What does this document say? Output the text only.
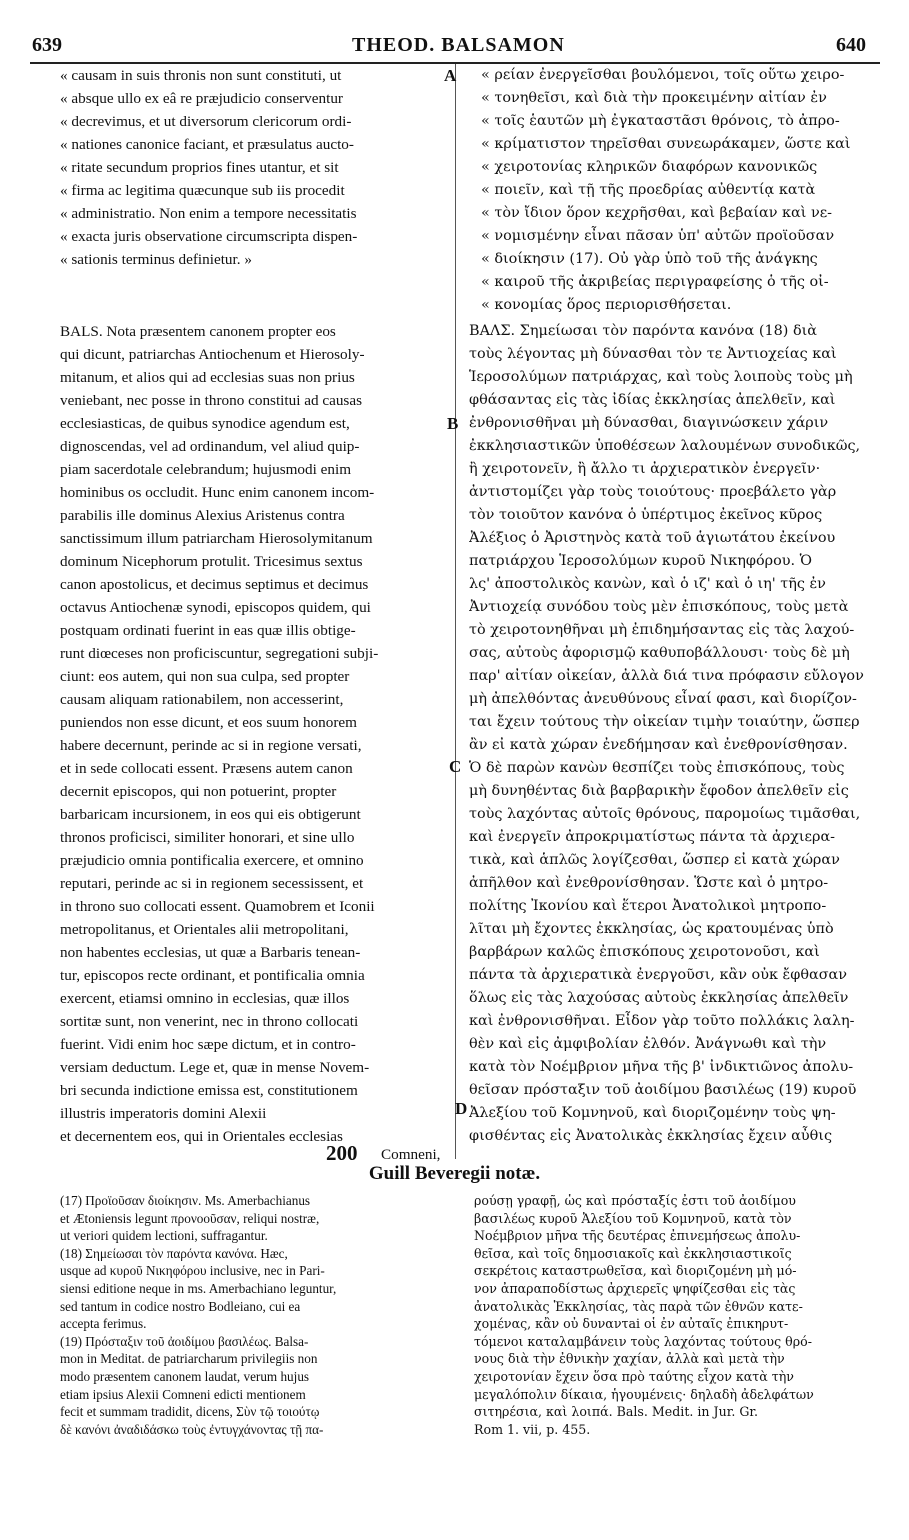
639	THEOD. BALSAMON	640
A
B
C
D
« causam in suis thronis non sunt constituti, ut
« absque ullo ex eâ re præjudicio conserventur
« decrevimus, et ut diversorum clericorum ordi-
« nationes canonice faciant, et præsulatus aucto-
« ritate secundum proprios fines utantur, et sit
« firma ac legitima quæcunque sub iis procedit
« administratio. Non enim a tempore necessitatis
« exacta juris observatione circumscripta dispen-
« sationis terminus definietur. »
« ρείαν ἐνεργεῖσθαι βουλόμενοι, τοῖς οὕτω χειρο-
« τονηθεῖσι, καὶ διὰ τὴν προκειμένην αἰτίαν ἐν
« τοῖς ἑαυτῶν μὴ ἐγκαταστᾶσι θρόνοις, τὸ ἀπρο-
« κρίματιστον τηρεῖσθαι συνεωράκαμεν, ὥστε καὶ
« χειροτονίας κληρικῶν διαφόρων κανονικῶς
« ποιεῖν, καὶ τῇ τῆς προεδρίας αὐθεντίᾳ κατὰ
« τὸν ἴδιον ὅρον κεχρῆσθαι, καὶ βεβαίαν καὶ νε-
« νομισμένην εἶναι πᾶσαν ὑπ' αὐτῶν προϊοῦσαν
« διοίκησιν (17). Οὐ γὰρ ὑπὸ τοῦ τῆς ἀνάγκης
« καιροῦ τῆς ἀκριβείας περιγραφείσης ὁ τῆς οἰ-
« κονομίας ὅρος περιορισθήσεται.
BALS. Nota præsentem canonem propter eos
qui dicunt, patriarchas Antiochenum et Hierosoly-
mitanum, et alios qui ad ecclesias suas non prius
veniebant, nec posse in throno constitui ad causas
ecclesiasticas, de quibus synodice agendum est,
dignoscendas, vel ad ordinandum, vel aliud quip-
piam sacerdotale celebrandum; hujusmodi enim
hominibus os occludit. Hunc enim canonem incom-
parabilis ille dominus Alexius Aristenus contra
sanctissimum illum patriarcham Hierosolymitanum
dominum Nicephorum protulit. Tricesimus sextus
canon apostolicus, et decimus septimus et decimus
octavus Antiochenæ synodi, episcopos quidem, qui
postquam ordinati fuerint in eas quæ illis obtige-
runt diœceses non proficiscuntur, segregationi subji-
ciunt: eos autem, qui non sua culpa, sed propter
causam aliquam rationabilem, non accesserint,
puniendos non esse dicunt, et eos suum honorem
habere decernunt, perinde ac si in regione versati,
et in sede collocati essent. Præsens autem canon
decernit episcopos, qui non potuerint, propter
barbaricam incursionem, in eos qui eis obtigerunt
thronos proficisci, similiter honorari, et sine ullo
præjudicio omnia pontificalia exercere, et omnino
reputari, perinde ac si in regionem secessissent, et
in throno suo collocati essent. Quamobrem et Iconii
metropolitanus, et Orientales alii metropolitani,
non habentes ecclesias, ut quæ a Barbaris tenean-
tur, episcopos recte ordinant, et pontificalia omnia
exercent, etiamsi omnino in ecclesias, quæ illos
sortitæ sunt, non venerint, nec in throno collocati
fuerint. Vidi enim hoc sæpe dictum, et in contro-
versiam deductum. Lege et, quæ in mense Novem-
bri secunda indictione emissa est, constitutionem
illustris imperatoris domini Alexii
et decernentem eos, qui in Orientales ecclesias
200 Comneni,
ΒΑΛΣ. Σημείωσαι τὸν παρόντα κανόνα (18) διὰ
τοὺς λέγοντας μὴ δύνασθαι τὸν τε Ἀντιοχείας καὶ
Ἱεροσολύμων πατριάρχας, καὶ τοὺς λοιποὺς τοὺς μὴ
φθάσαντας εἰς τὰς ἰδίας ἐκκλησίας ἀπελθεῖν, καὶ
ἐνθρονισθῆναι μὴ δύνασθαι, διαγινώσκειν χάριν
ἐκκλησιαστικῶν ὑποθέσεων λαλουμένων συνοδικῶς,
ἢ χειροτονεῖν, ἢ ἄλλο τι ἀρχιερατικὸν ἐνεργεῖν·
ἀντιστομίζει γὰρ τοὺς τοιούτους· προεβάλετο γὰρ
τὸν τοιοῦτον κανόνα ὁ ὑπέρτιμος ἐκεῖνος κῦρος
Ἀλέξιος ὁ Ἀριστηνὸς κατὰ τοῦ ἁγιωτάτου ἐκείνου
πατριάρχου Ἱεροσολύμων κυροῦ Νικηφόρου. Ὁ
λς' ἀποστολικὸς κανὼν, καὶ ὁ ιζ' καὶ ὁ ιη' τῆς ἐν
Ἀντιοχείᾳ συνόδου τοὺς μὲν ἐπισκόπους, τοὺς μετὰ
τὸ χειροτονηθῆναι μὴ ἐπιδημήσαντας εἰς τὰς λαχού-
σας, αὐτοὺς ἀφορισμῷ καθυποβάλλουσι· τοὺς δὲ μὴ
παρ' αἰτίαν οἰκείαν, ἀλλὰ διά τινα πρόφασιν εὔλογον
μὴ ἀπελθόντας ἀνευθύνους εἶναί φασι, καὶ διορίζον-
ται ἔχειν τούτους τὴν οἰκείαν τιμὴν τοιαύτην, ὥσπερ
ἂν εἰ κατὰ χώραν ἐνεδήμησαν καὶ ἐνεθρονίσθησαν.
Ὁ δὲ παρὼν κανὼν θεσπίζει τοὺς ἐπισκόπους, τοὺς
μὴ δυνηθέντας διὰ βαρβαρικὴν ἔφοδον ἀπελθεῖν εἰς
τοὺς λαχόντας αὐτοῖς θρόνους, παρομοίως τιμᾶσθαι,
καὶ ἐνεργεῖν ἀπροκριματίστως πάντα τὰ ἀρχιερα-
τικὰ, καὶ ἁπλῶς λογίζεσθαι, ὥσπερ εἰ κατὰ χώραν
ἀπῆλθον καὶ ἐνεθρονίσθησαν. Ὥστε καὶ ὁ μητρο-
πολίτης Ἰκονίου καὶ ἕτεροι Ἀνατολικοὶ μητροπο-
λῖται μὴ ἔχοντες ἐκκλησίας, ὡς κρατουμένας ὑπὸ
βαρβάρων καλῶς ἐπισκόπους χειροτονοῦσι, καὶ
πάντα τὰ ἀρχιερατικὰ ἐνεργοῦσι, κἂν οὐκ ἔφθασαν
ὅλως εἰς τὰς λαχούσας αὐτοὺς ἐκκλησίας ἀπελθεῖν
καὶ ἐνθρονισθῆναι. Εἶδον γὰρ τοῦτο πολλάκις λαλη-
θὲν καὶ εἰς ἀμφιβολίαν ἐλθόν. Ἀνάγνωθι καὶ τὴν
κατὰ τὸν Νοέμβριον μῆνα τῆς β' ἰνδικτιῶνος ἀπολυ-
θεῖσαν πρόσταξιν τοῦ ἀοιδίμου βασιλέως (19) κυροῦ
Ἀλεξίου τοῦ Κομνηνοῦ, καὶ διοριζομένην τοὺς ψη-
φισθέντας εἰς Ἀνατολικὰς ἐκκλησίας ἔχειν αὖθις
Guill Beveregii notæ.
(17) Προϊοῦσαν διοίκησιν. Ms. Amerbachianus
et Ætoniensis legunt προνοοῦσαν, reliqui nostræ,
ut veriori quidem lectioni, suffragantur.
(18) Σημείωσαι τὸν παρόντα κανόνα. Hæc,
usque ad κυροῦ Νικηφόρου inclusive, nec in Pari-
siensi editione neque in ms. Amerbachiano leguntur,
sed tantum in codice nostro Bodleiano, cui ea
accepta ferimus.
(19) Πρόσταξιν τοῦ ἀοιδίμου βασιλέως. Balsa-
mon in Meditat. de patriarcharum privilegiis non
modo præsentem canonem laudat, verum hujus
etiam ipsius Alexii Comneni edicti mentionem
fecit et summam tradidit, dicens, Σὺν τῷ τοιούτῳ
δὲ κανόνι ἀναδιδάσκω τοὺς ἐντυγχάνοντας τῇ πα-
ρούσῃ γραφῇ, ὡς καὶ πρόσταξίς ἐστι τοῦ ἀοιδίμου
βασιλέως κυροῦ Ἀλεξίου τοῦ Κομνηνοῦ, κατὰ τὸν
Νοέμβριον μῆνα τῆς δευτέρας ἐπινεμήσεως ἀπολυ-
θεῖσα, καὶ τοῖς δημοσιακοῖς καὶ ἐκκλησιαστικοῖς
σεκρέτοις καταστρωθεῖσα, καὶ διοριζομένη μὴ μό-
νον ἀπαραποδίστως ἀρχιερεῖς ψηφίζεσθαι εἰς τὰς
ἀνατολικὰς Ἐκκλησίας, τὰς παρὰ τῶν ἐθνῶν κατε-
χομένας, κἂν οὐ δυναντai οἱ ἐν αὐταῖς ἐπικηρυτ-
τόμενοι καταλαμβάνειν τοὺς λαχόντας τούτους θρό-
νους διὰ τὴν ἐθνικὴν χαχίαν, ἀλλὰ καὶ μετὰ τὴν
χειροτονίαν ἔχειν ὅσα πρὸ ταύτης εἶχον κατὰ τὴν
μεγαλόπολιν δίκαια, ἡγουμένεις· δηλαδὴ ἀδελφάτων
σιτηρέσια, καὶ λοιπά. Bals. Medit. in Jur. Gr.
Rom 1. vii, p. 455.
